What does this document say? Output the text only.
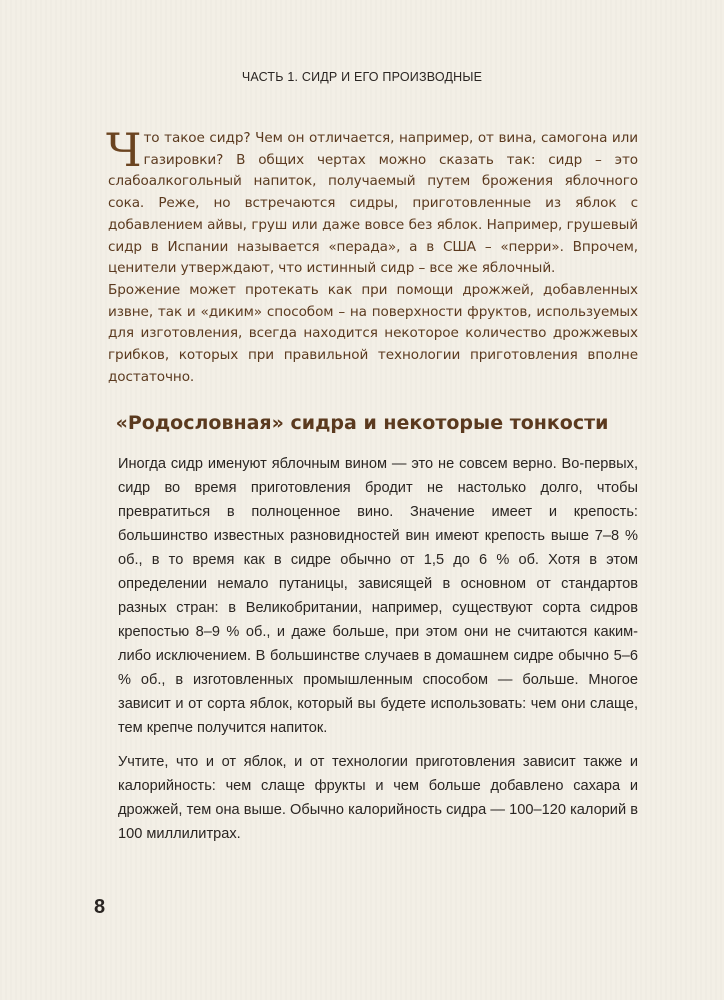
ЧАСТЬ 1. СИДР И ЕГО ПРОИЗВОДНЫЕ

Что такое сидр? Чем он отличается, например, от вина, самогона или газировки? В общих чертах можно сказать так: сидр – это слабоалкогольный напиток, получаемый путем брожения яблочного сока. Реже, но встречаются сидры, приготовленные из яблок с добавлением айвы, груш или даже вовсе без яблок. Например, грушевый сидр в Испании называется «перада», а в США – «перри». Впрочем, ценители утверждают, что истинный сидр – все же яблочный.

Брожение может протекать как при помощи дрожжей, добавленных извне, так и «диким» способом – на поверхности фруктов, используемых для изготовления, всегда находится некоторое количество дрожжевых грибков, которых при правильной технологии приготовления вполне достаточно.

«Родословная» сидра и некоторые тонкости

Иногда сидр именуют яблочным вином — это не совсем верно. Во-первых, сидр во время приготовления бродит не настолько долго, чтобы превратиться в полноценное вино. Значение имеет и крепость: большинство известных разновидностей вин имеют крепость выше 7–8 % об., в то время как в сидре обычно от 1,5 до 6 % об. Хотя в этом определении немало путаницы, зависящей в основном от стандартов разных стран: в Великобритании, например, существуют сорта сидров крепостью 8–9 % об., и даже больше, при этом они не считаются каким-либо исключением. В большинстве случаев в домашнем сидре обычно 5–6 % об., в изготовленных промышленным способом — больше. Многое зависит и от сорта яблок, который вы будете использовать: чем они слаще, тем крепче получится напиток.

Учтите, что и от яблок, и от технологии приготовления зависит также и калорийность: чем слаще фрукты и чем больше добавлено сахара и дрожжей, тем она выше. Обычно калорийность сидра — 100–120 калорий в 100 миллилитрах.

8
